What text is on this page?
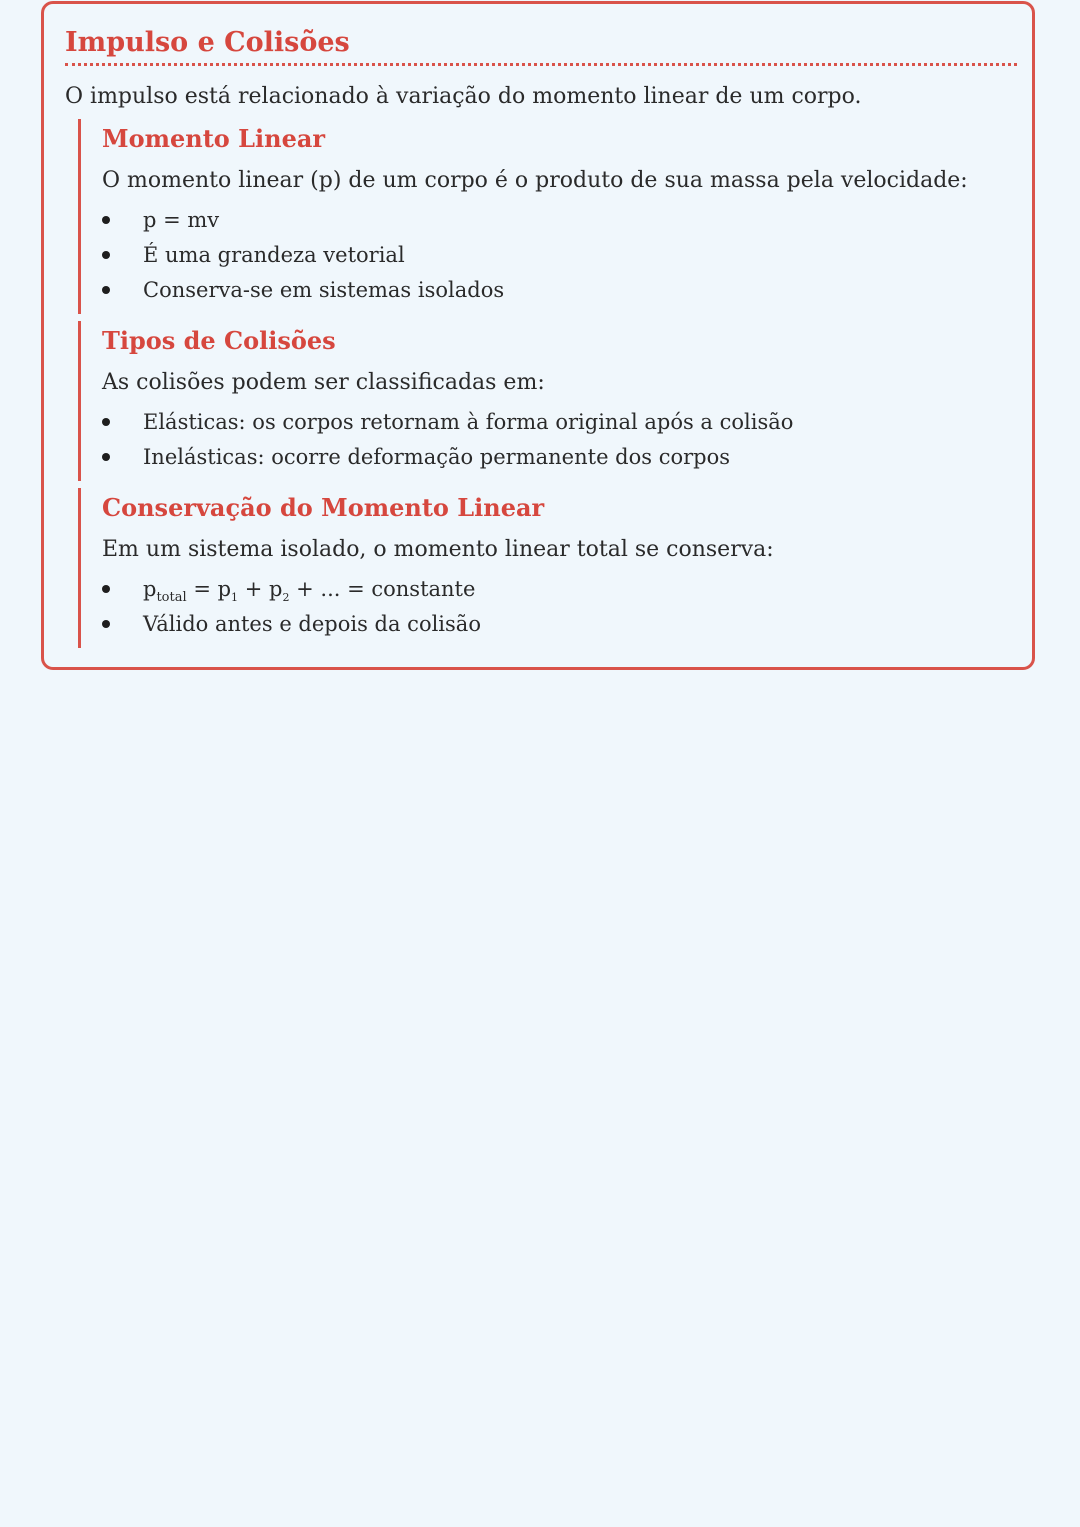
Impulso e Colisões

O impulso está relacionado à variação do momento linear de um corpo.

Momento Linear

O momento linear (p) de um corpo é o produto de sua massa pela velocidade:

p = mv
É uma grandeza vetorial
Conserva-se em sistemas isolados
Tipos de Colisões

As colisões podem ser classificadas em:

Elásticas: os corpos retornam à forma original após a colisão
Inelásticas: ocorre deformação permanente dos corpos
Conservação do Momento Linear

Em um sistema isolado, o momento linear total se conserva:

$p_{total} = p_1 + p_2$ + ... = constante
Válido antes e depois da colisão
